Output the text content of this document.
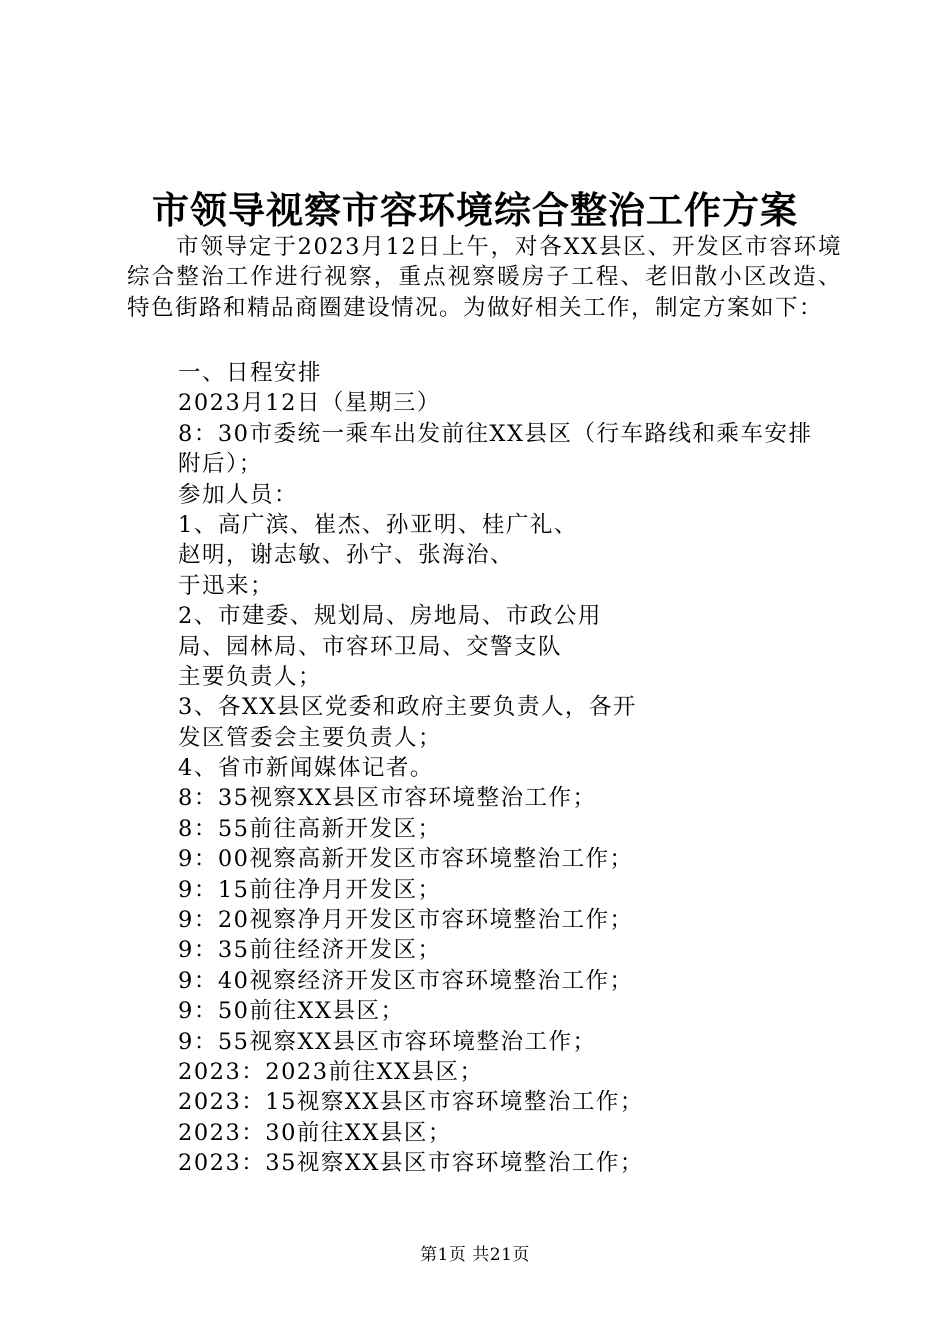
市领导视察市容环境综合整治工作方案
市领导定于2023月12日上午，对各XX县区、开发区市容环境综合整治工作进行视察，重点视察暖房子工程、老旧散小区改造、特色街路和精品商圈建设情况。为做好相关工作，制定方案如下：
一、日程安排
2023月12日（星期三）
8：30市委统一乘车出发前往XX县区（行车路线和乘车安排
附后）；
参加人员：
1、高广滨、崔杰、孙亚明、桂广礼、
赵明，谢志敏、孙宁、张海治、
于迅来；
2、市建委、规划局、房地局、市政公用
局、园林局、市容环卫局、交警支队
主要负责人；
3、各XX县区党委和政府主要负责人，各开
发区管委会主要负责人；
4、省市新闻媒体记者。
8：35视察XX县区市容环境整治工作；
8：55前往高新开发区；
9：00视察高新开发区市容环境整治工作；
9：15前往净月开发区；
9：20视察净月开发区市容环境整治工作；
9：35前往经济开发区；
9：40视察经济开发区市容环境整治工作；
9：50前往XX县区；
9：55视察XX县区市容环境整治工作；
2023：2023前往XX县区；
2023：15视察XX县区市容环境整治工作；
2023：30前往XX县区；
2023：35视察XX县区市容环境整治工作；
第1页 共21页
